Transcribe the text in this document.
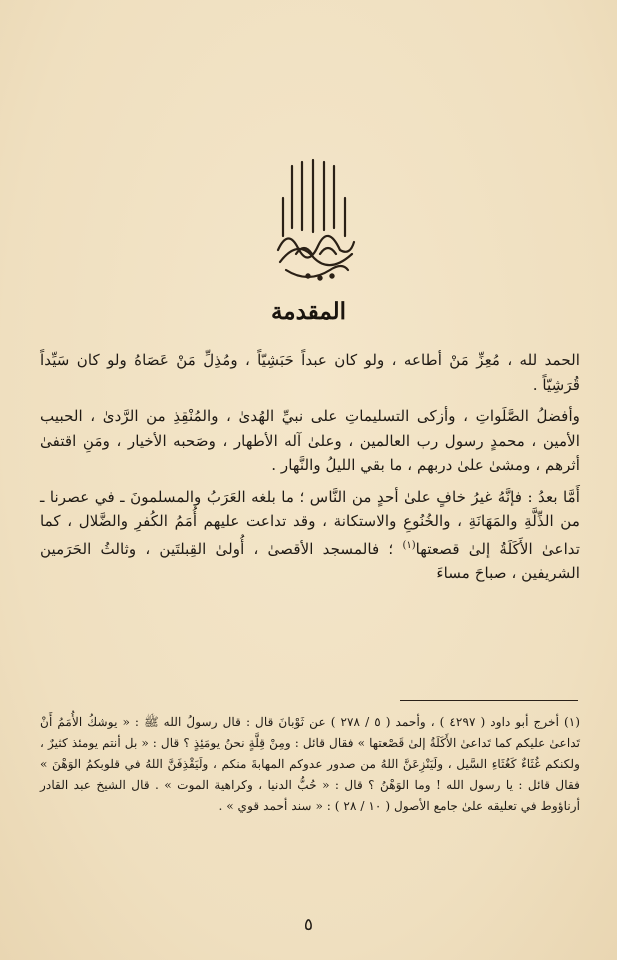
المقدمة

الحمد لله ، مُعِزِّ مَنْ أطاعه ، ولو كان عبداً حَبَشِيّاً ، ومُذِلِّ مَنْ عَصَاهُ ولو كان سَيِّداً قُرَشِيّاً .

وأفضلُ الصَّلَواتِ ، وأزكى التسليماتِ على نبيِّ الهُدىٰ ، والمُنْقِذِ من الرَّدىٰ ، الحبيب الأمين ، محمدٍ رسول رب العالمين ، وعلىٰ آله الأطهار ، وصَحبه الأخيار ، ومَنِ اقتفىٰ أثرهم ، ومشىٰ علىٰ دربهم ، ما بقي الليلُ والنَّهار .

أَمَّا بعدُ : فإنَّهُ غيرُ خافٍ علىٰ أحدٍ من النَّاس ؛ ما بلغه العَرَبُ والمسلمونَ ـ في عصرنا ـ من الذِّلَّةِ والمَهَانَةِ ، والخُنُوعِ والاستكانة ، وقد تداعت عليهم أُمَمُ الكُفرِ والضَّلال ، كما تداعىٰ الأَكَلَةُ إلىٰ قصعتها$^{(١)}$ ؛ فالمسجد الأقصىٰ ، أُولىٰ القِبلتَين ، وثالثُ الحَرَمين الشريفين ، صباحَ مساءَ

(١) أخرج أبو داود ( ٤٢٩٧ ) ، وأحمد ( ٥ / ٢٧٨ ) عن ثَوْبانَ قال : قال رسولُ الله ﷺ : « يوشكُ الأُمَمُ أَنْ تَداعىٰ عليكم كما تَداعىٰ الأَكَلَةُ إلىٰ قَصْعتها » فقال قائل : ومِنْ قِلَّةٍ نحنُ يومَئِذٍ ؟ قال : « بل أنتم يومئذ كثيرٌ ، ولكنكم غُثَاءٌ كَغُثَاءِ السَّيل ، ولَيَنْزِعَنَّ اللهُ من صدور عدوكم المهابةَ منكم ، ولَيَقْذِفَنَّ اللهُ في قلوبكمُ الوَهْنَ » فقال قائل : يا رسول الله ! وما الوَهْنُ ؟ قال : « حُبُّ الدنيا ، وكراهية الموت » . قال الشيخ عبد القادر أرناؤوط في تعليقه علىٰ جامع الأصول ( ١٠ / ٢٨ ) : « سند أحمد قوي » .
٥
